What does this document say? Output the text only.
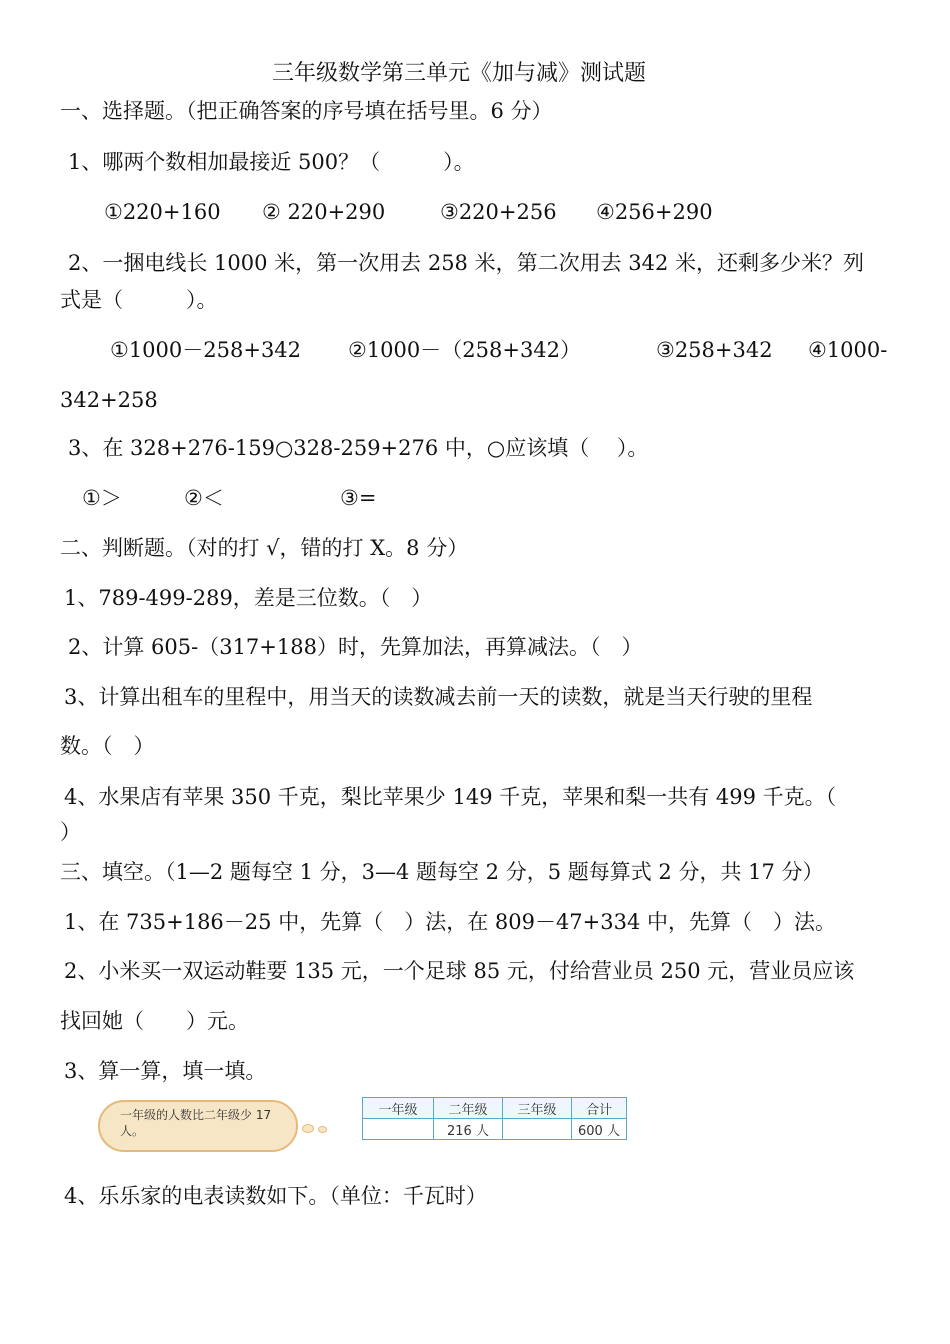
三年级数学第三单元《加与减》测试题
一、选择题。（把正确答案的序号填在括号里。6 分）
1、哪两个数相加最接近 500？（　　　）。
①220+160 ② 220+290	③220+256 ④256+290
2、一捆电线长 1000 米，第一次用去 258 米，第二次用去 342 米，还剩多少米？列
式是（　　　）。
①1000－258+342 ②1000－（258+342）	③258+342 ④1000-
342+258
3、在 328+276-159○328-259+276 中，○应该填（　 ）。
①＞	②＜	③=
二、判断题。（对的打 √，错的打 X。8 分）
1、789-499-289，差是三位数。（　）
2、计算 605-（317+188）时，先算加法，再算减法。（　）
3、计算出租车的里程中，用当天的读数减去前一天的读数，就是当天行驶的里程
数。（　）
4、水果店有苹果 350 千克，梨比苹果少 149 千克，苹果和梨一共有 499 千克。（
）
三、填空。（1—2 题每空 1 分，3—4 题每空 2 分，5 题每算式 2 分，共 17 分）
1、在 735+186－25 中，先算（　）法，在 809－47+334 中，先算（　）法。
2、小米买一双运动鞋要 135 元，一个足球 85 元，付给营业员 250 元，营业员应该
找回她（　　）元。
3、算一算，填一填。
一年级的人数比二年级少 17 人。
一年级	二年级	三年级	合计
	216 人		600 人
4、乐乐家的电表读数如下。（单位：千瓦时）
